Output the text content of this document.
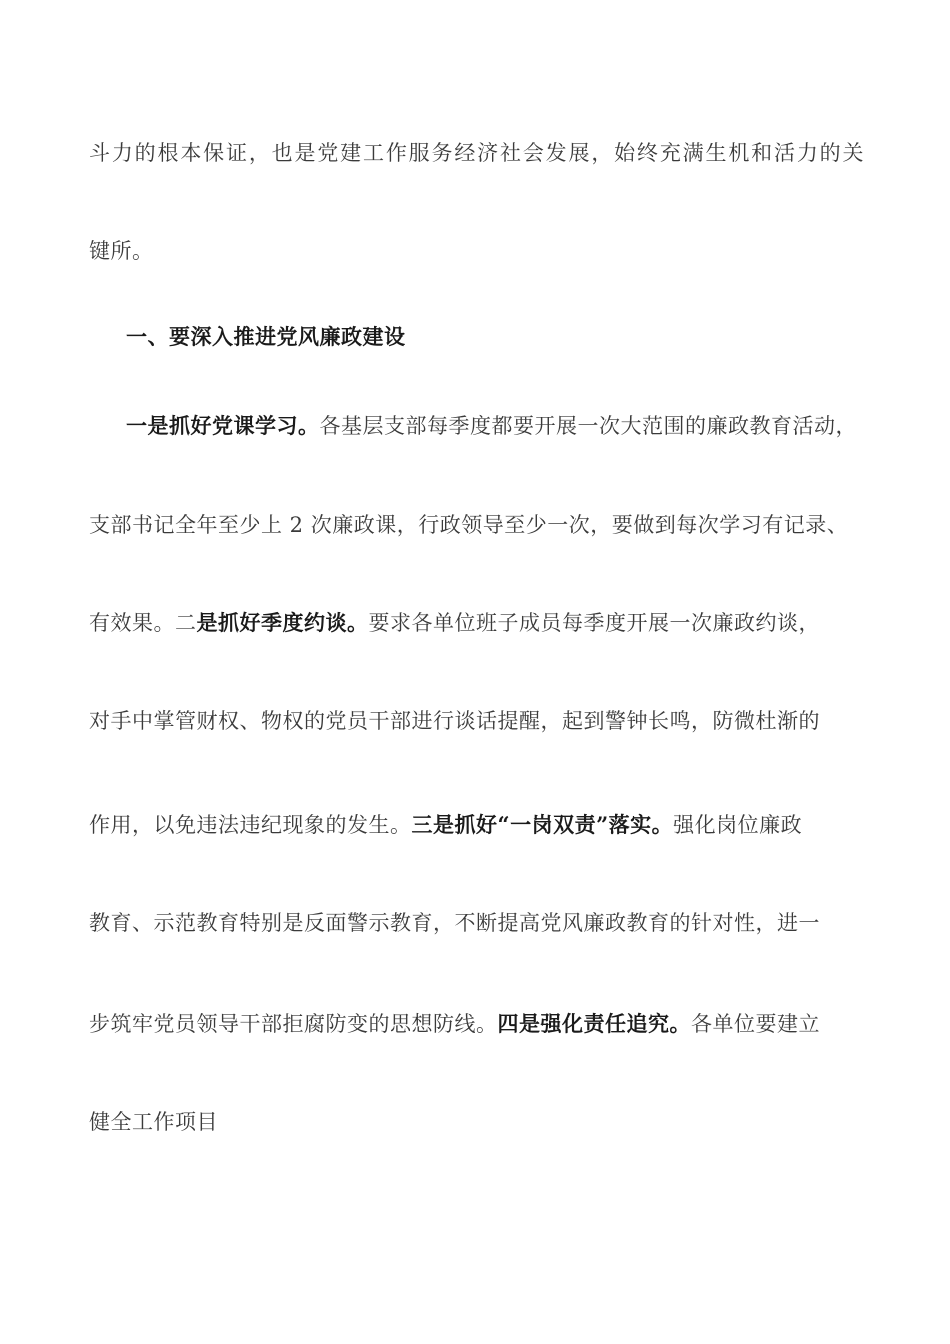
斗力的根本保证，也是党建工作服务经济社会发展，始终充满生机和活力的关
键所。
一、要深入推进党风廉政建设
一是抓好党课学习。各基层支部每季度都要开展一次大范围的廉政教育活动，
支部书记全年至少上 2 次廉政课，行政领导至少一次，要做到每次学习有记录、
有效果。二是抓好季度约谈。要求各单位班子成员每季度开展一次廉政约谈，
对手中掌管财权、物权的党员干部进行谈话提醒，起到警钟长鸣，防微杜渐的
作用，以免违法违纪现象的发生。三是抓好“一岗双责”落实。强化岗位廉政
教育、示范教育特别是反面警示教育，不断提高党风廉政教育的针对性，进一
步筑牢党员领导干部拒腐防变的思想防线。四是强化责任追究。各单位要建立
健全工作项目
